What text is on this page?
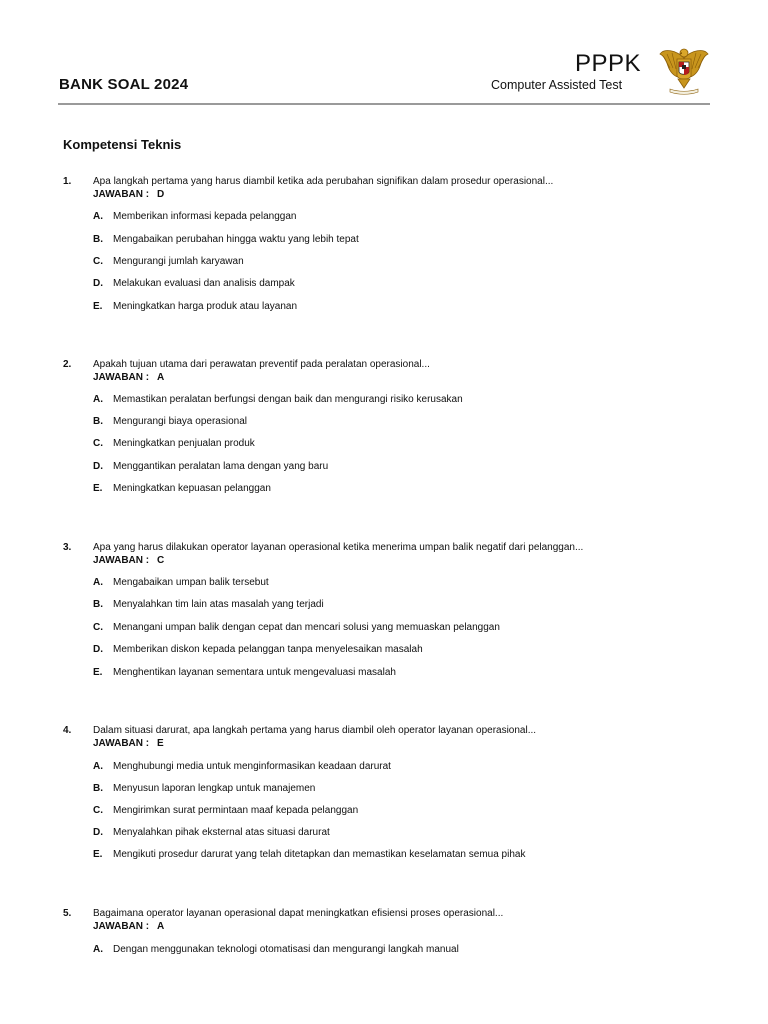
BANK SOAL 2024
PPPK
Computer Assisted Test
Kompetensi Teknis
1. Apa langkah pertama yang harus diambil ketika ada perubahan signifikan dalam prosedur operasional...
JAWABAN : D
A. Memberikan informasi kepada pelanggan
B. Mengabaikan perubahan hingga waktu yang lebih tepat
C. Mengurangi jumlah karyawan
D. Melakukan evaluasi dan analisis dampak
E. Meningkatkan harga produk atau layanan
2. Apakah tujuan utama dari perawatan preventif pada peralatan operasional...
JAWABAN : A
A. Memastikan peralatan berfungsi dengan baik dan mengurangi risiko kerusakan
B. Mengurangi biaya operasional
C. Meningkatkan penjualan produk
D. Menggantikan peralatan lama dengan yang baru
E. Meningkatkan kepuasan pelanggan
3. Apa yang harus dilakukan operator layanan operasional ketika menerima umpan balik negatif dari pelanggan...
JAWABAN : C
A. Mengabaikan umpan balik tersebut
B. Menyalahkan tim lain atas masalah yang terjadi
C. Menangani umpan balik dengan cepat dan mencari solusi yang memuaskan pelanggan
D. Memberikan diskon kepada pelanggan tanpa menyelesaikan masalah
E. Menghentikan layanan sementara untuk mengevaluasi masalah
4. Dalam situasi darurat, apa langkah pertama yang harus diambil oleh operator layanan operasional...
JAWABAN : E
A. Menghubungi media untuk menginformasikan keadaan darurat
B. Menyusun laporan lengkap untuk manajemen
C. Mengirimkan surat permintaan maaf kepada pelanggan
D. Menyalahkan pihak eksternal atas situasi darurat
E. Mengikuti prosedur darurat yang telah ditetapkan dan memastikan keselamatan semua pihak
5. Bagaimana operator layanan operasional dapat meningkatkan efisiensi proses operasional...
JAWABAN : A
A. Dengan menggunakan teknologi otomatisasi dan mengurangi langkah manual
